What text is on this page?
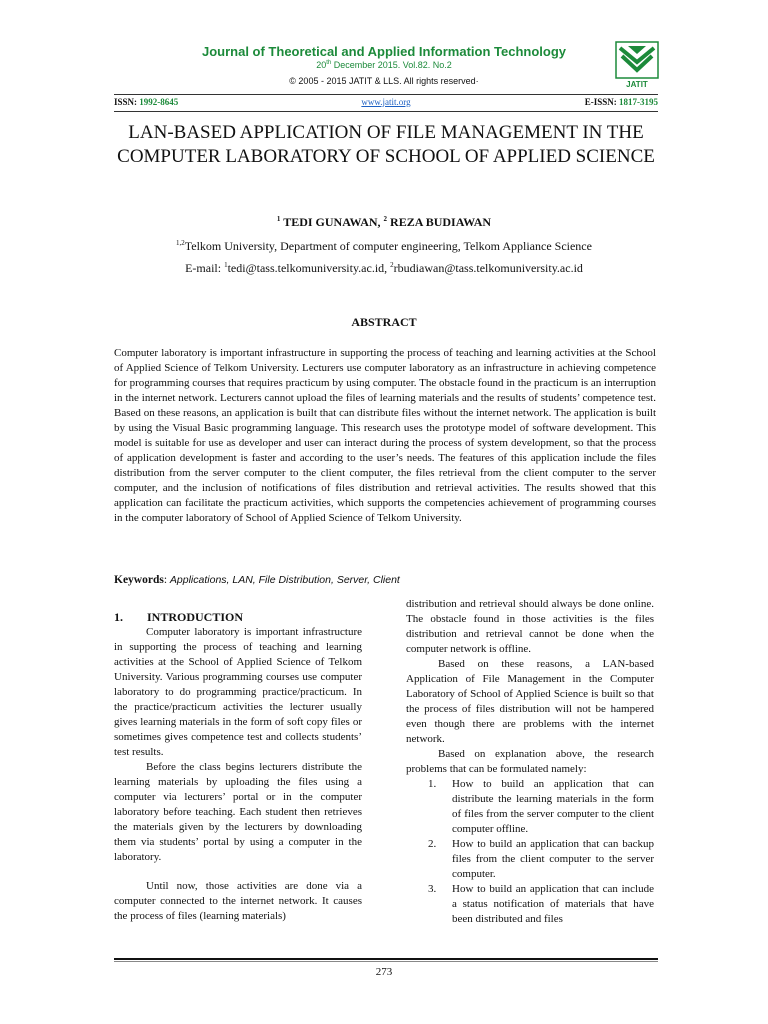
Journal of Theoretical and Applied Information Technology
20th December 2015. Vol.82. No.2
© 2005 - 2015 JATIT & LLS. All rights reserved·	JATIT
ISSN: 1992-8645	www.jatit.org	E-ISSN: 1817-3195
LAN-BASED APPLICATION OF FILE MANAGEMENT IN THE COMPUTER LABORATORY OF SCHOOL OF APPLIED SCIENCE
$^1$ TEDI GUNAWAN, $^2$ REZA BUDIAWAN
$^{1,2}$Telkom University, Department of computer engineering, Telkom Appliance Science
E-mail: $^1$tedi@tass.telkomuniversity.ac.id, $^2$rbudiawan@tass.telkomuniversity.ac.id
ABSTRACT
Computer laboratory is important infrastructure in supporting the process of teaching and learning activities at the School of Applied Science of Telkom University. Lecturers use computer laboratory as an infrastructure in achieving competence for programming courses that requires practicum by using computer. The obstacle found in the practicum is an interruption in the internet network. Lecturers cannot upload the files of learning materials and the results of students’ competence test. Based on these reasons, an application is built that can distribute files without the internet network. The application is built by using the Visual Basic programming language. This research uses the prototype model of software development. This model is suitable for use as developer and user can interact during the process of system development, so that the process of application development is faster and according to the user’s needs. The features of this application include the files distribution from the server computer to the client computer, the files retrieval from the client computer to the server computer, and the inclusion of notifications of files distribution and retrieval activities. The results showed that this application can facilitate the practicum activities, which supports the competencies achievement of programming courses in the computer laboratory of School of Applied Science of Telkom University.
Keywords: Applications, LAN, File Distribution, Server, Client
1. INTRODUCTION

Computer laboratory is important infrastructure in supporting the process of teaching and learning activities at the School of Applied Science of Telkom University. Various programming courses use computer laboratory to do programming practice/practicum. In the practice/practicum activities the lecturer usually gives learning materials in the form of soft copy files or sometimes gives competence test and collects students’ test results.

Before the class begins lecturers distribute the learning materials by uploading the files using a computer via lecturers’ portal or in the computer laboratory before teaching. Each student then retrieves the materials given by the lecturers by downloading them via students’ portal by using a computer in the laboratory.

Until now, those activities are done via a computer connected to the internet network. It causes the process of files (learning materials)

distribution and retrieval should always be done online. The obstacle found in those activities is the files distribution and retrieval cannot be done when the computer network is offline.

Based on these reasons, a LAN-based Application of File Management in the Computer Laboratory of School of Applied Science is built so that the process of files distribution will not be hampered even though there are problems with the internet network.

Based on explanation above, the research problems that can be formulated namely:

1. How to build an application that can distribute the learning materials in the form of files from the server computer to the client computer offline.
2. How to build an application that can backup files from the client computer to the server computer.
3. How to build an application that can include a status notification of materials that have been distributed and files
273
